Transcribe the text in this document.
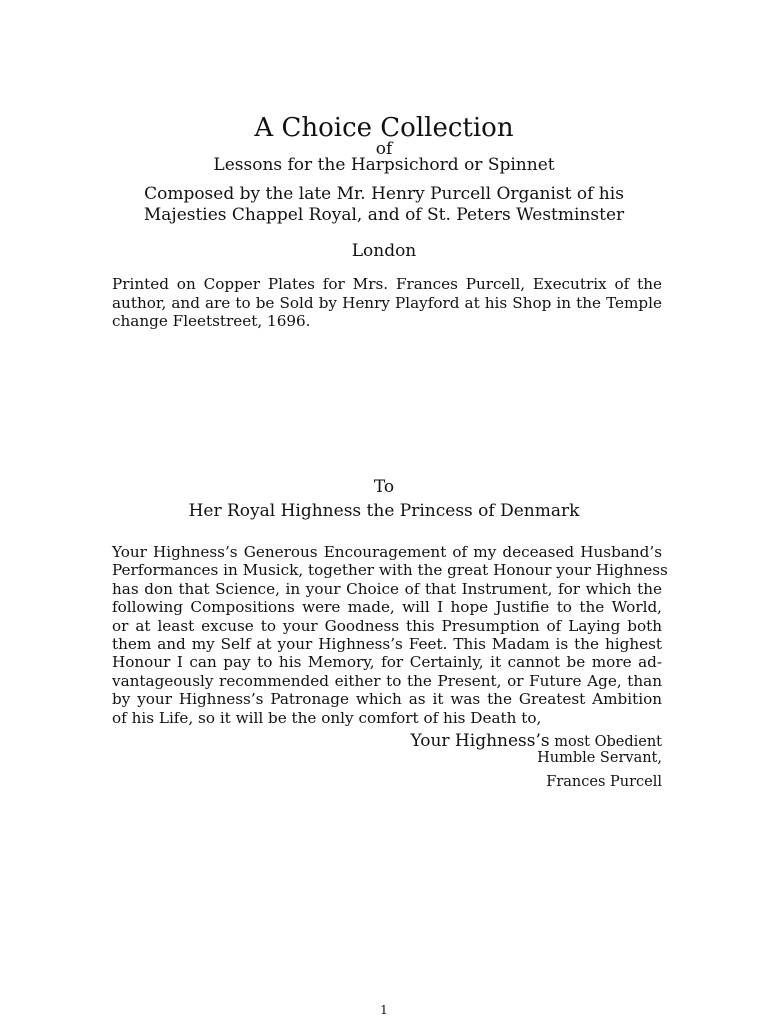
A Choice Collection
of
Lessons for the Harpsichord or Spinnet
Composed by the late Mr. Henry Purcell Organist of his
Majesties Chappel Royal, and of St. Peters Westminster
London
Printed on Copper Plates for Mrs. Frances Purcell, Executrix of the
author, and are to be Sold by Henry Playford at his Shop in the Temple
change Fleetstreet, 1696.
To
Her Royal Highness the Princess of Denmark
Your Highness’s Generous Encouragement of my deceased Husband’s
Performances in Musick, together with the great Honour your Highness
has don that Science, in your Choice of that Instrument, for which the
following Compositions were made, will I hope Justifie to the World,
or at least excuse to your Goodness this Presumption of Laying both
them and my Self at your Highness’s Feet. This Madam is the highest
Honour I can pay to his Memory, for Certainly, it cannot be more ad-
vantageously recommended either to the Present, or Future Age, than
by your Highness’s Patronage which as it was the Greatest Ambition
of his Life, so it will be the only comfort of his Death to,
Your Highness’s most Obedient
Humble Servant,
Frances Purcell
1
